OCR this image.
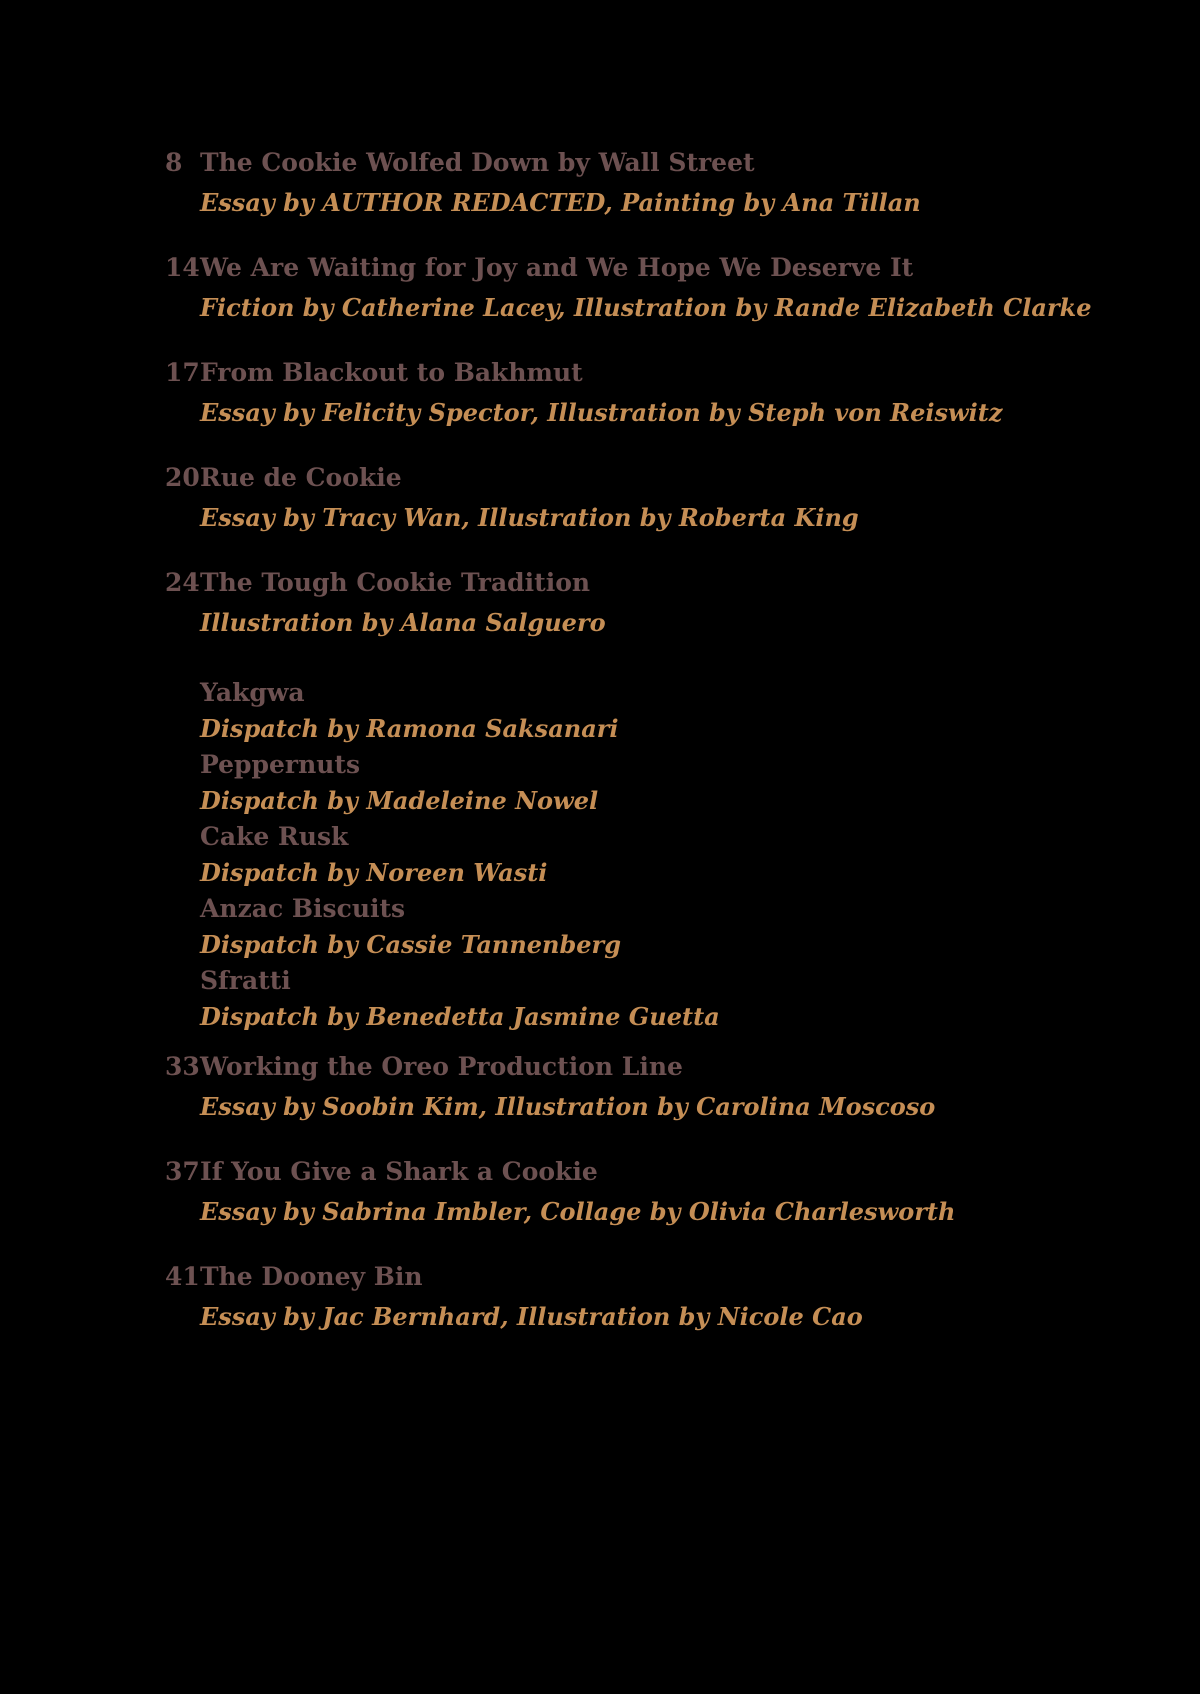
8 The Cookie Wolfed Down by Wall Street

Essay by AUTHOR REDACTED, Painting by Ana Tillan

14 We Are Waiting for Joy and We Hope We Deserve It

Fiction by Catherine Lacey, Illustration by Rande Elizabeth Clarke

17 From Blackout to Bakhmut

Essay by Felicity Spector, Illustration by Steph von Reiswitz

20 Rue de Cookie

Essay by Tracy Wan, Illustration by Roberta King

24 The Tough Cookie Tradition

Illustration by Alana Salguero

Yakgwa

Dispatch by Ramona Saksanari

Peppernuts

Dispatch by Madeleine Nowel

Cake Rusk

Dispatch by Noreen Wasti

Anzac Biscuits

Dispatch by Cassie Tannenberg

Sfratti

Dispatch by Benedetta Jasmine Guetta

33 Working the Oreo Production Line

Essay by Soobin Kim, Illustration by Carolina Moscoso

37 If You Give a Shark a Cookie

Essay by Sabrina Imbler, Collage by Olivia Charlesworth

41 The Dooney Bin

Essay by Jac Bernhard, Illustration by Nicole Cao
